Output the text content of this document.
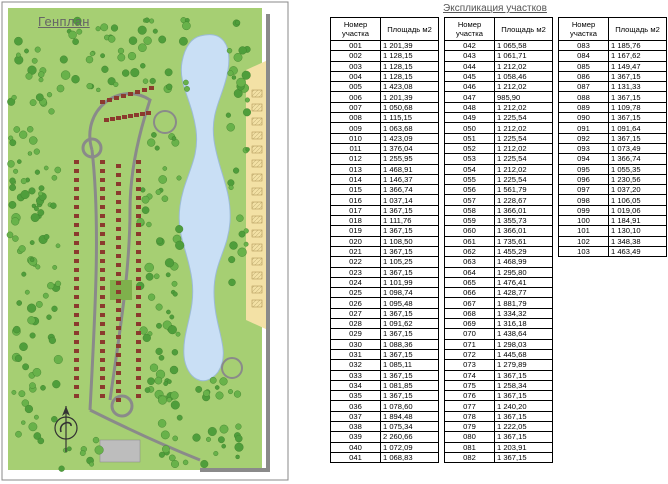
Генплан
Экспликация участков
Номер участка	Площадь м2
001	1 201,39
002	1 128,15
003	1 128,15
004	1 128,15
005	1 423,08
006	1 201,39
007	1 050,68
008	1 115,15
009	1 063,68
010	1 423,09
011	1 376,04
012	1 255,95
013	1 468,91
014	1 146,37
015	1 366,74
016	1 037,14
017	1 367,15
018	1 111,76
019	1 367,15
020	1 108,50
021	1 367,15
022	1 105,25
023	1 367,15
024	1 101,99
025	1 098,74
026	1 095,48
027	1 367,15
028	1 091,62
029	1 367,15
030	1 088,36
031	1 367,15
032	1 085,11
033	1 367,15
034	1 081,85
035	1 367,15
036	1 078,60
037	1 894,48
038	1 075,34
039	2 260,66
040	1 072,09
041	1 068,83
Номер участка	Площадь м2
042	1 065,58
043	1 061,71
044	1 212,02
045	1 058,46
046	1 212,02
047	985,90
048	1 212,02
049	1 225,54
050	1 212,02
051	1 225,54
052	1 212,02
053	1 225,54
054	1 212,02
055	1 225,54
056	1 561,79
057	1 228,67
058	1 366,01
059	1 355,73
060	1 366,01
061	1 735,61
062	1 455,29
063	1 468,99
064	1 295,80
065	1 476,41
066	1 428,77
067	1 881,79
068	1 334,32
069	1 316,18
070	1 438,64
071	1 298,03
072	1 445,68
073	1 279,89
074	1 367,15
075	1 258,34
076	1 367,15
077	1 240,20
078	1 367,15
079	1 222,05
080	1 367,15
081	1 203,91
082	1 367,15
Номер участка	Площадь м2
083	1 185,76
084	1 167,62
085	1 149,47
086	1 367,15
087	1 131,33
088	1 367,15
089	1 109,78
090	1 367,15
091	1 091,64
092	1 367,15
093	1 073,49
094	1 366,74
095	1 055,35
096	1 230,56
097	1 037,20
098	1 106,05
099	1 019,06
100	1 184,91
101	1 130,10
102	1 348,38
103	1 463,49
